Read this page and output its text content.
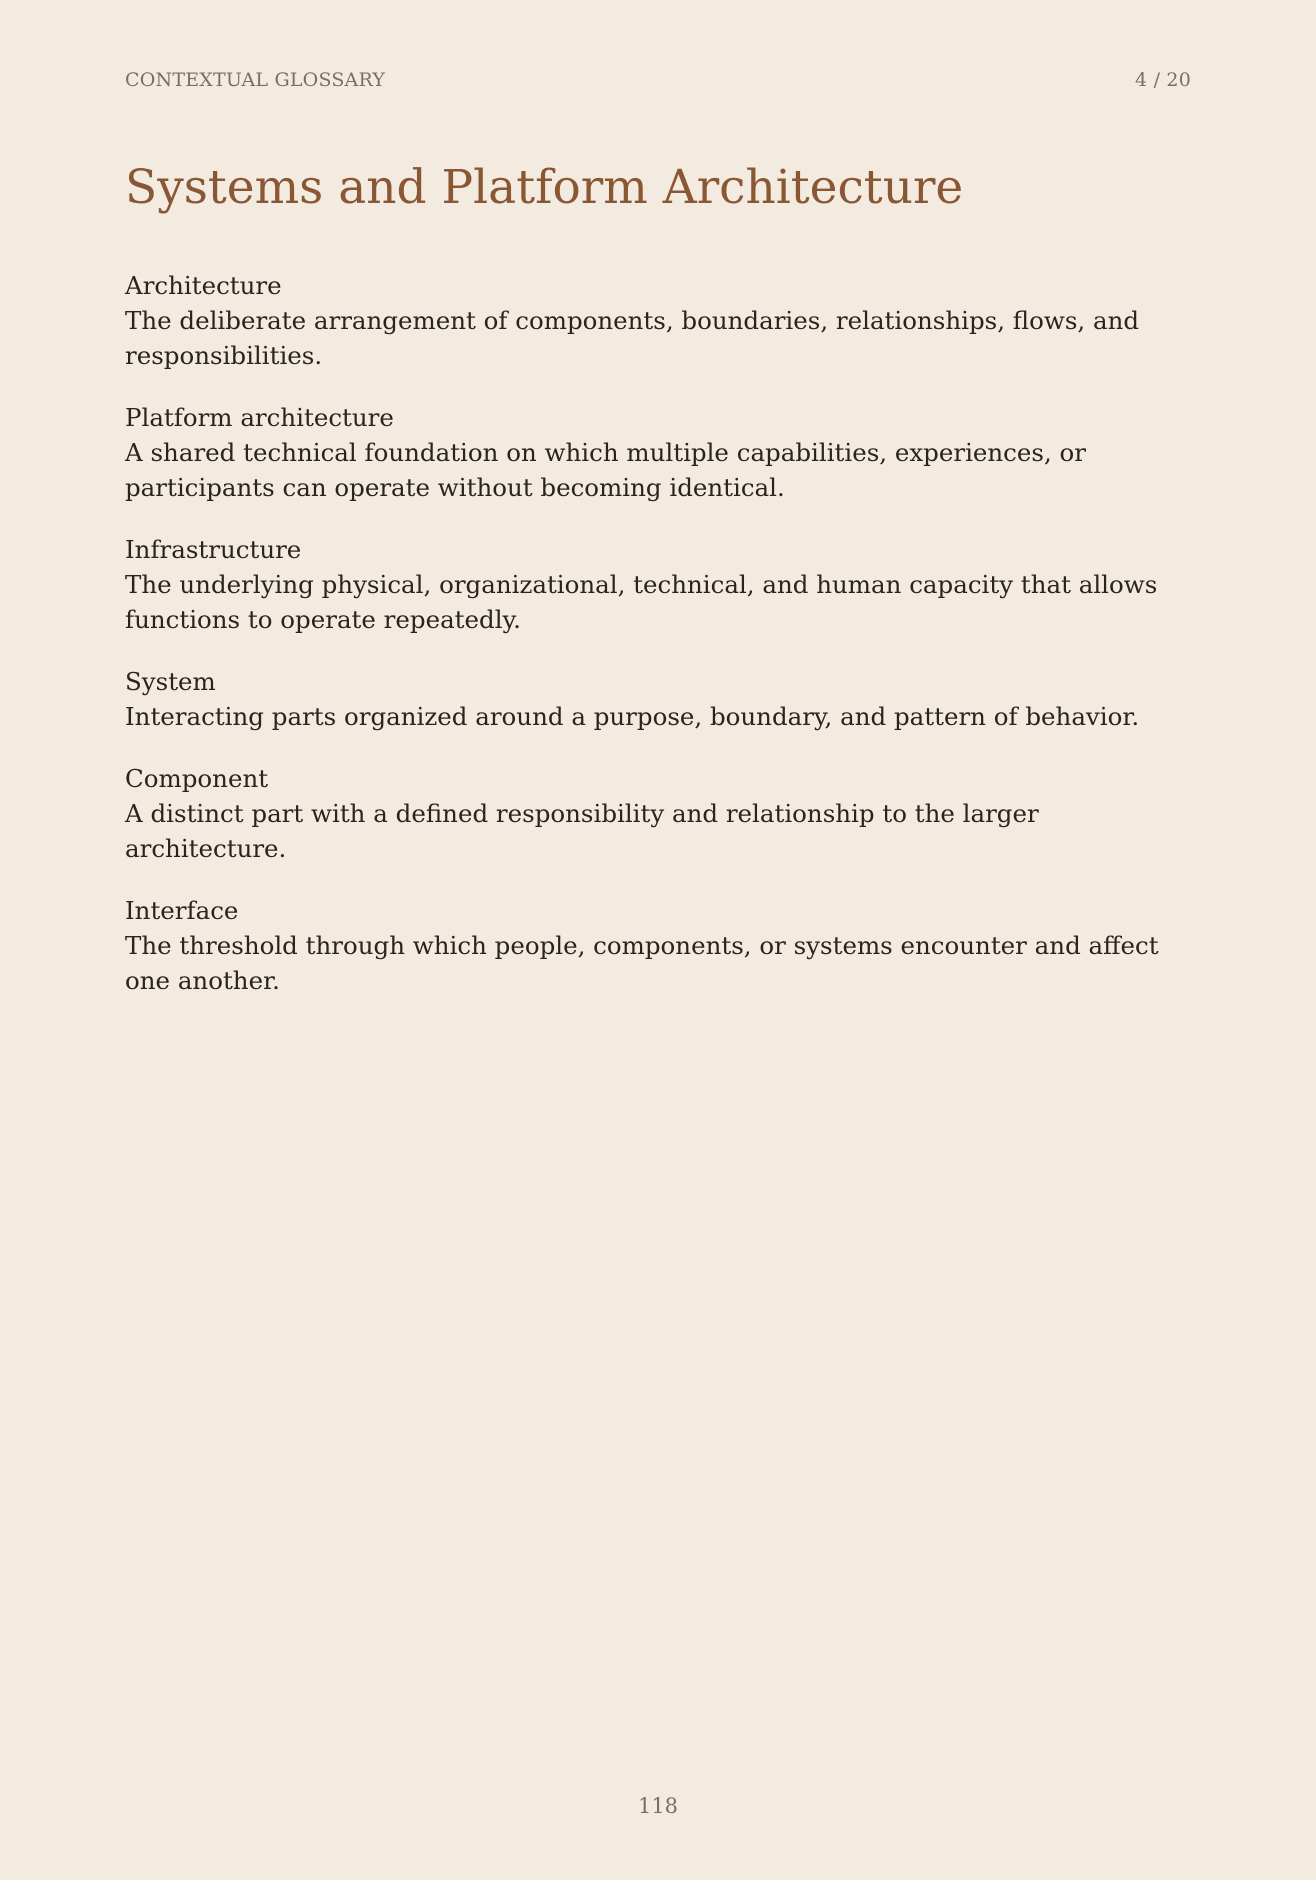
CONTEXTUAL GLOSSARY	4 / 20
Systems and Platform Architecture
Architecture
The deliberate arrangement of components, boundaries, relationships, flows, and responsibilities.
Platform architecture
A shared technical foundation on which multiple capabilities, experiences, or participants can operate without becoming identical.
Infrastructure
The underlying physical, organizational, technical, and human capacity that allows functions to operate repeatedly.
System
Interacting parts organized around a purpose, boundary, and pattern of behavior.
Component
A distinct part with a defined responsibility and relationship to the larger architecture.
Interface
The threshold through which people, components, or systems encounter and affect one another.
118
